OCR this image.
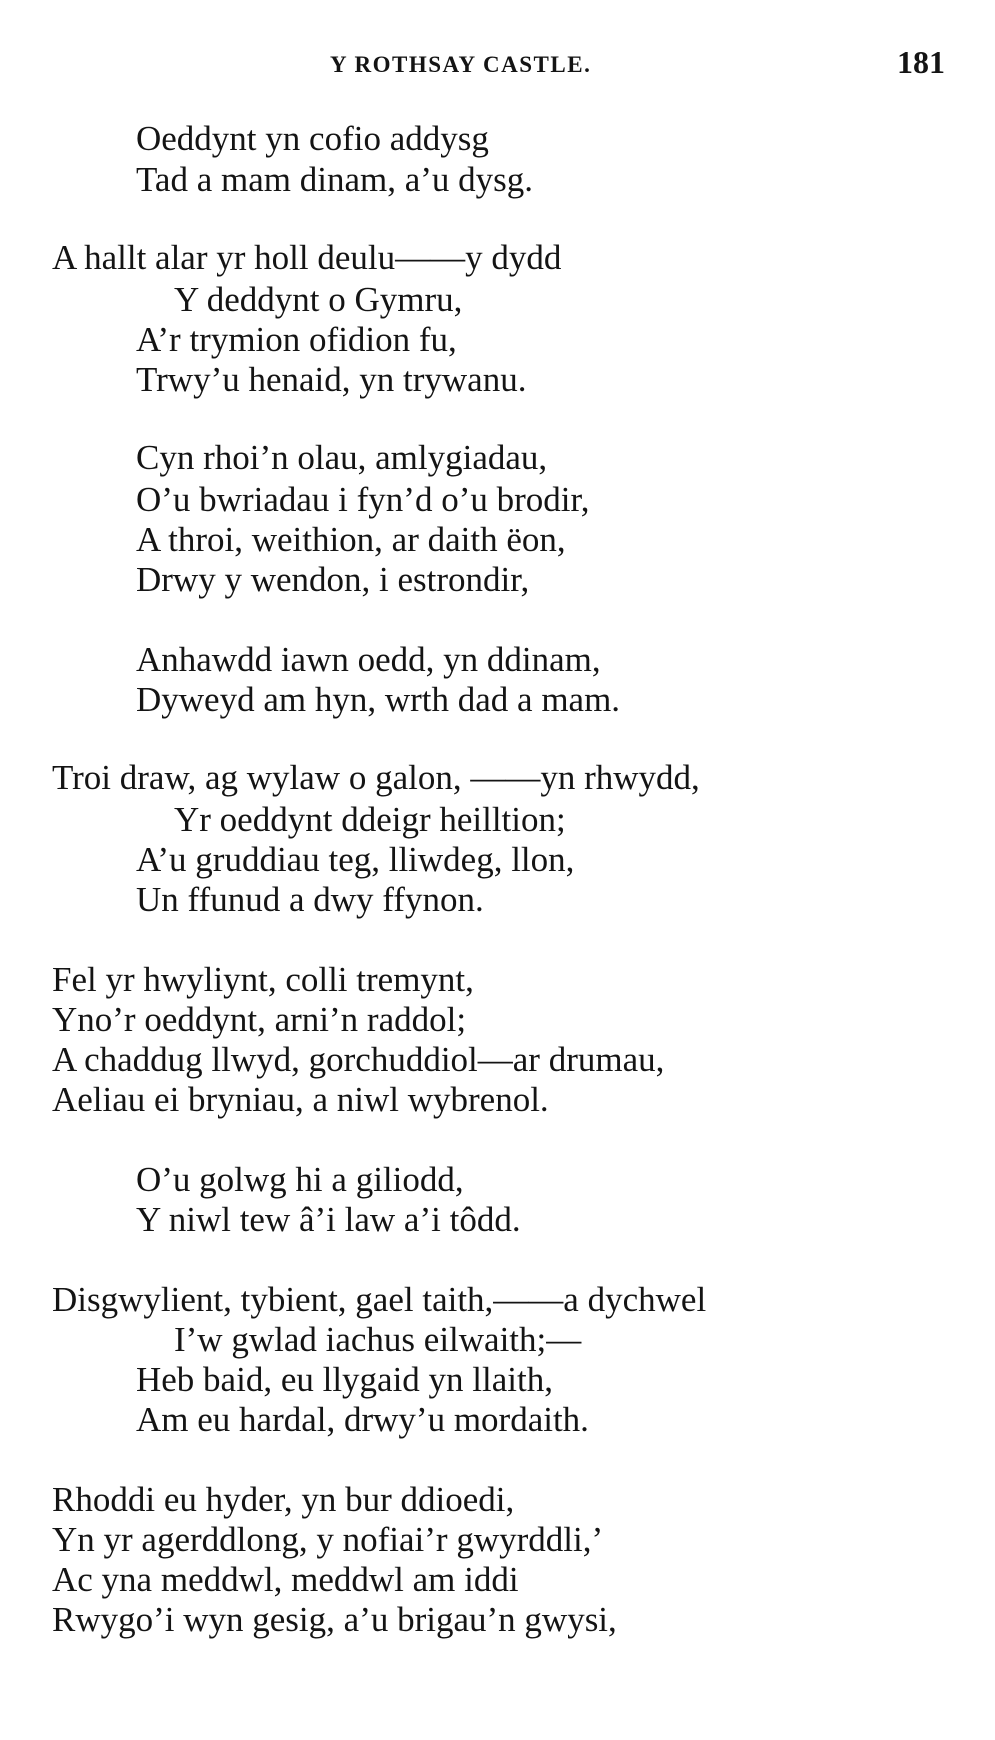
Y ROTHSAY CASTLE.	181
Oeddynt yn cofio addysg
Tad a mam dinam, a’u dysg.
A hallt alar yr holl deulu——y dydd
Y deddynt o Gymru,
A’r trymion ofidion fu,
Trwy’u henaid, yn trywanu.
Cyn rhoi’n olau, amlygiadau,
O’u bwriadau i fyn’d o’u brodir,
A throi, weithion, ar daith ëon,
Drwy y wendon, i estrondir,
Anhawdd iawn oedd, yn ddinam,
Dyweyd am hyn, wrth dad a mam.
Troi draw, ag wylaw o galon, ——yn rhwydd,
Yr oeddynt ddeigr heilltion;
A’u gruddiau teg, lliwdeg, llon,
Un ffunud a dwy ffynon.
Fel yr hwyliynt, colli tremynt,
Yno’r oeddynt, arni’n raddol;
A chaddug llwyd, gorchuddiol—ar drumau,
Aeliau ei bryniau, a niwl wybrenol.
O’u golwg hi a giliodd,
Y niwl tew â’i law a’i tôdd.
Disgwylient, tybient, gael taith,——a dychwel
I’w gwlad iachus eilwaith;—
Heb baid, eu llygaid yn llaith,
Am eu hardal, drwy’u mordaith.
Rhoddi eu hyder, yn bur ddioedi,
Yn yr agerddlong, y nofiai’r gwyrddli,’
Ac yna meddwl, meddwl am iddi
Rwygo’i wyn gesig, a’u brigau’n gwysi,
